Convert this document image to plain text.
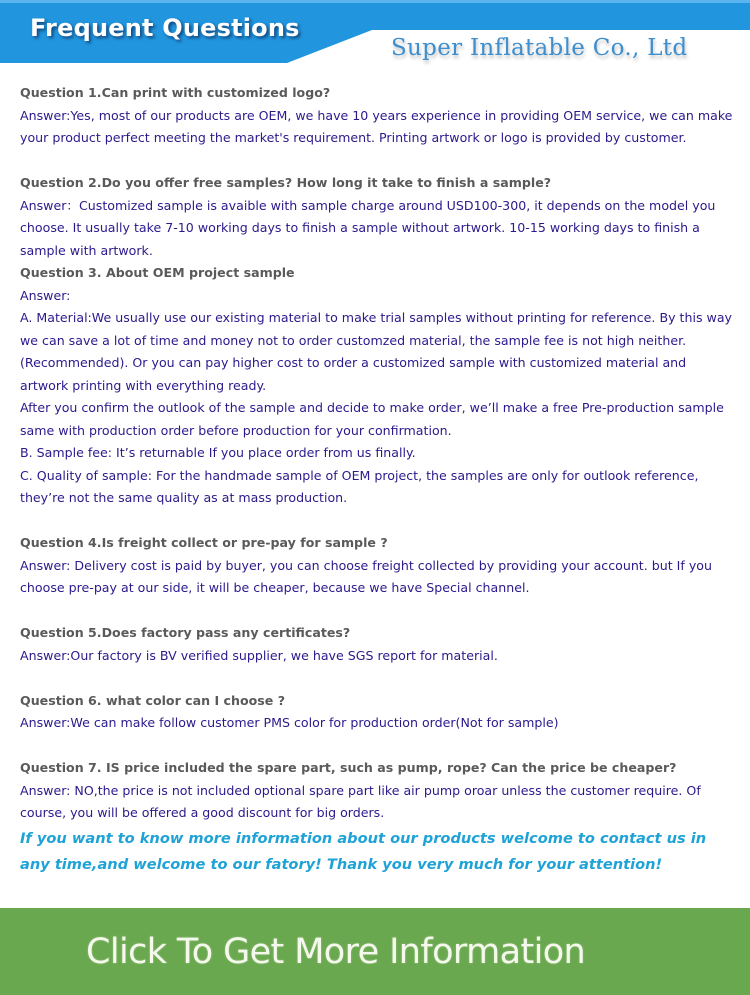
Frequent Questions
Super Inflatable Co., Ltd
Question 1.Can print with customized logo?
Answer:Yes, most of our products are OEM, we have 10 years experience in providing OEM service, we can make your product perfect meeting the market's requirement. Printing artwork or logo is provided by customer.
Question 2.Do you offer free samples? How long it take to finish a sample?
Answer：Customized sample is avaible with sample charge around USD100-300, it depends on the model you choose. It usually take 7-10 working days to finish a sample without artwork. 10-15 working days to finish a sample with artwork.
Question 3. About OEM project sample
Answer:
A. Material:We usually use our existing material to make trial samples without printing for reference. By this way we can save a lot of time and money not to order customzed material, the sample fee is not high neither. (Recommended). Or you can pay higher cost to order a customized sample with customized material and artwork printing with everything ready.
After you confirm the outlook of the sample and decide to make order, we’ll make a free Pre-production sample same with production order before production for your confirmation.
B. Sample fee: It’s returnable If you place order from us finally.
C. Quality of sample: For the handmade sample of OEM project, the samples are only for outlook reference, they’re not the same quality as at mass production.
Question 4.Is freight collect or pre-pay for sample ?
Answer: Delivery cost is paid by buyer, you can choose freight collected by providing your account. but If you choose pre-pay at our side, it will be cheaper, because we have Special channel.
Question 5.Does factory pass any certificates?
Answer:Our factory is BV verified supplier, we have SGS report for material.
Question 6. what color can I choose ?
Answer:We can make follow customer PMS color for production order(Not for sample)
Question 7. IS price included the spare part, such as pump, rope? Can the price be cheaper?
Answer: NO,the price is not included optional spare part like air pump oroar unless the customer require. Of course, you will be offered a good discount for big orders.
If you want to know more information about our products welcome to contact us in any time,and welcome to our fatory! Thank you very much for your attention!
Click To Get More Information
